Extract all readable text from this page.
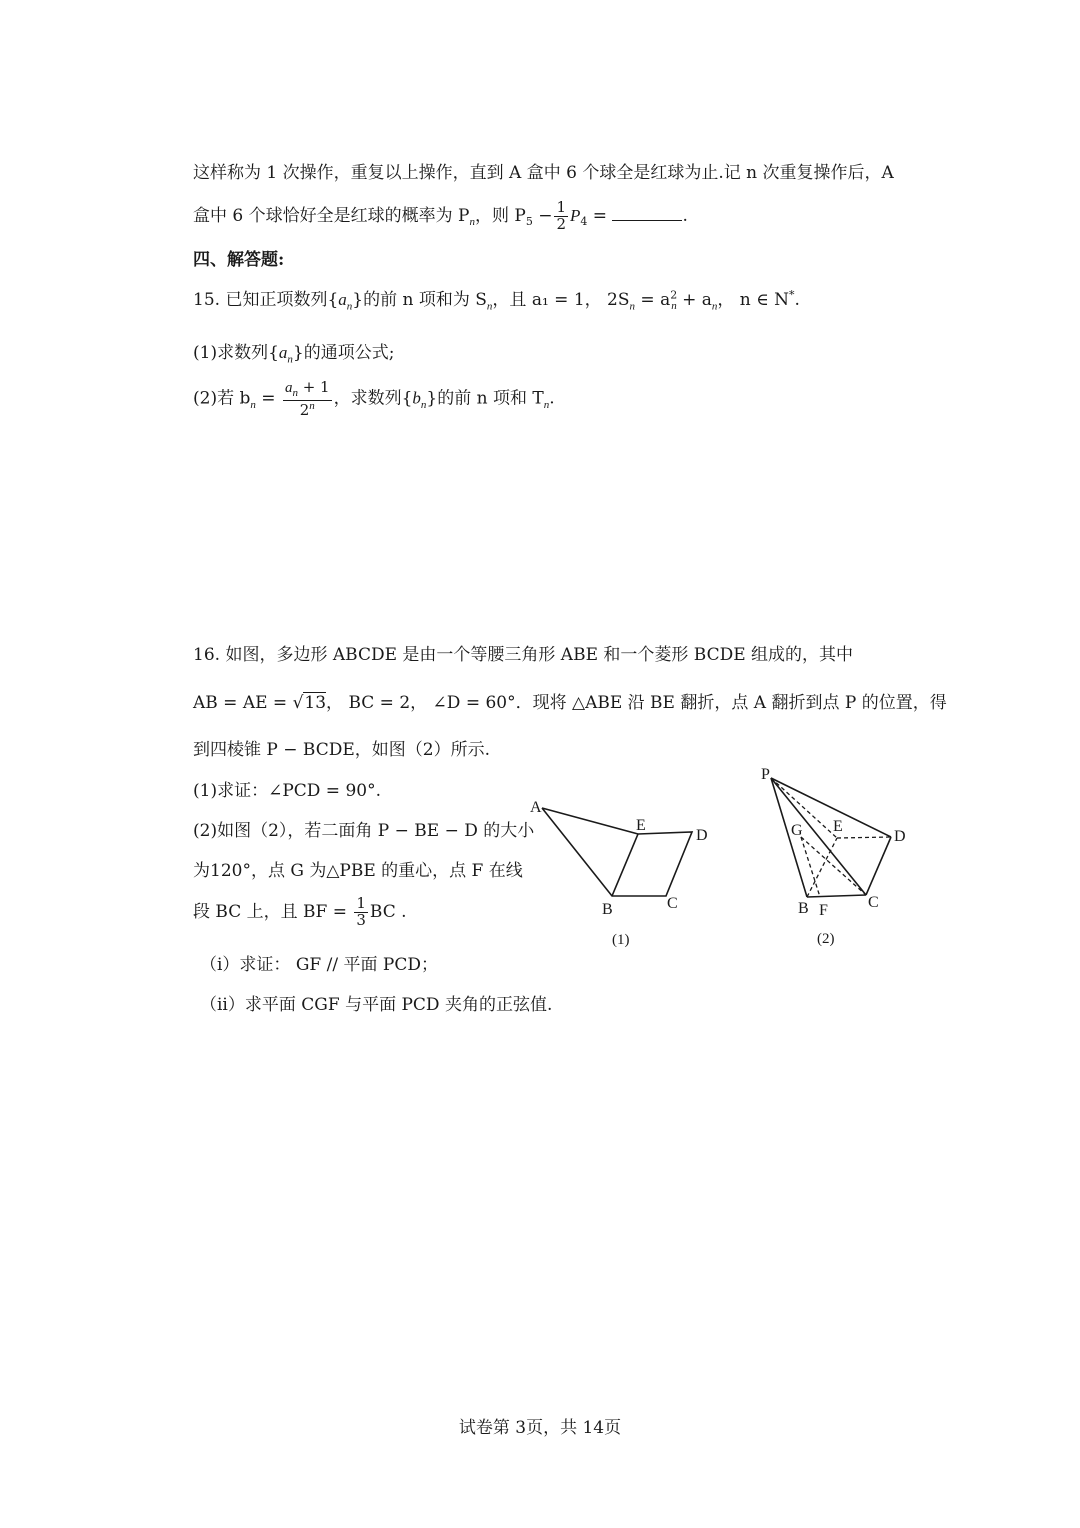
这样称为 1 次操作，重复以上操作，直到 A 盒中 6 个球全是红球为止.记 n 次重复操作后，A
盒中 6 个球恰好全是红球的概率为 $P_n$，则 $P_5 - \frac{1}{2} P_4$ =	.
四、解答题:
15. 已知正项数列$\{a_n\}$的前 n 项和为 $S_n$，且 a₁ = 1， $2S_n = a^2_n + a_n$， n ∈ N*.
(1)求数列$\{a_n\}$的通项公式;
(2)若 $b_n = \frac{a_n + 1}{2^n}$ ，求数列$\{b_n\}$的前 n 项和 $T_n$.
16. 如图，多边形 ABCDE 是由一个等腰三角形 ABE 和一个菱形 BCDE 组成的，其中
AB = AE = √13， BC = 2， ∠D = 60°．现将 △ABE 沿 BE 翻折，点 A 翻折到点 P 的位置，得
到四棱锥 P − BCDE，如图（2）所示.
(1)求证：∠PCD = 90°.
(2)如图（2），若二面角 P − BE − D 的大小
为120°，点 G 为△PBE 的重心，点 F 在线
段 BC 上，且 BF = $\frac{1}{3}$ BC .
（i）求证： GF // 平面 PCD；
（ii）求平面 CGF 与平面 PCD 夹角的正弦值.
A
E
D
B	C
(1)
P
G E
D
B F	C
(2)
试卷第 3页，共 14页
